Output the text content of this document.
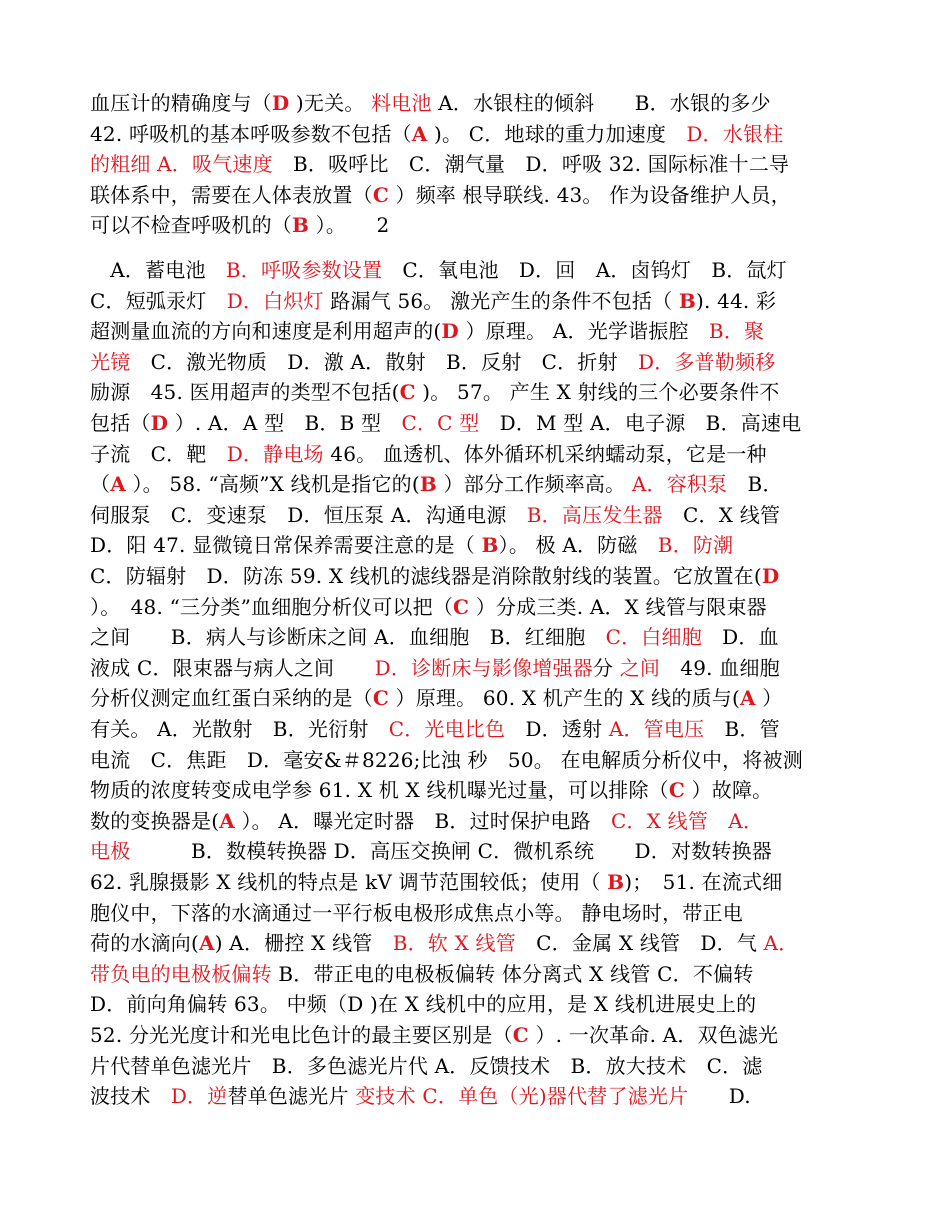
血压计的精确度与（D )无关。 料电池 A．水银柱的倾斜　　B．水银的多少
42. 呼吸机的基本呼吸参数不包括（A )。 C．地球的重力加速度　D．水银柱
的粗细 A．吸气速度　B．吸呼比　C．潮气量　D．呼吸 32. 国际标准十二导
联体系中，需要在人体表放置（C ）频率 根导联线. 43。 作为设备维护人员，
可以不检查呼吸机的（B ）。　　2
　A．蓄电池　B．呼吸参数设置　C．氧电池　D．回　A．卤钨灯　B．氙灯
C．短弧汞灯　D．白炽灯 路漏气 56。 激光产生的条件不包括（ B). 44. 彩
超测量血流的方向和速度是利用超声的(D ）原理。 A．光学谐振腔　B．聚
光镜　C．激光物质　D．激 A．散射　B．反射　C．折射　D．多普勒频移
励源　45. 医用超声的类型不包括(C )。 57。 产生 X 射线的三个必要条件不
包括（D ）. A．A 型　B．B 型　C．C 型　D．M 型 A．电子源　B．高速电
子流　C．靶　D．静电场 46。 血透机、体外循环机采纳蠕动泵，它是一种
（A ）。 58. “高频”X 线机是指它的(B ）部分工作频率高。 A．容积泵　B．
伺服泵　C．变速泵　D．恒压泵 A．沟通电源　B．高压发生器　C．X 线管
D．阳 47. 显微镜日常保养需要注意的是（ B）。 极 A．防磁　B．防潮
C．防辐射　D．防冻 59. X 线机的滤线器是消除散射线的装置。它放置在(D
）。　48. “三分类”血细胞分析仪可以把（C ）分成三类. A．X 线管与限束器
之间　　B．病人与诊断床之间 A．血细胞　B．红细胞　C．白细胞　D．血
液成 C．限束器与病人之间　　D．诊断床与影像增强器分 之间　49. 血细胞
分析仪测定血红蛋白采纳的是（C ）原理。 60. X 机产生的 X 线的质与(A ）
有关。 A．光散射　B．光衍射　C．光电比色　D．透射 A．管电压　B．管
电流　C．焦距　D．毫安&＃8226;比浊 秒　50。 在电解质分析仪中，将被测
物质的浓度转变成电学参 61. X 机 X 线机曝光过量，可以排除（C ）故障。
数的变换器是(A ）。 A．曝光定时器　B．过时保护电路　C．X 线管　 A．
电极　　　B．数模转换器 D．高压交换闸 C．微机系统　　D．对数转换器
62. 乳腺摄影 X 线机的特点是 kV 调节范围较低；使用（ B)；　51. 在流式细
胞仪中，下落的水滴通过一平行板电极形成焦点小等。 静电场时，带正电
荷的水滴向(A) A．栅控 X 线管　B．软 X 线管　C．金属 X 线管　D．气 A．
带负电的电极板偏转 B．带正电的电极板偏转 体分离式 X 线管 C．不偏转
D．前向角偏转 63。 中频（D )在 X 线机中的应用，是 X 线机进展史上的
52. 分光光度计和光电比色计的最主要区别是（C ）. 一次革命. A．双色滤光
片代替单色滤光片　B．多色滤光片代 A．反馈技术　B．放大技术　C．滤
波技术　D．逆替单色滤光片 变技术 C．单色（光)器代替了滤光片　　D.
